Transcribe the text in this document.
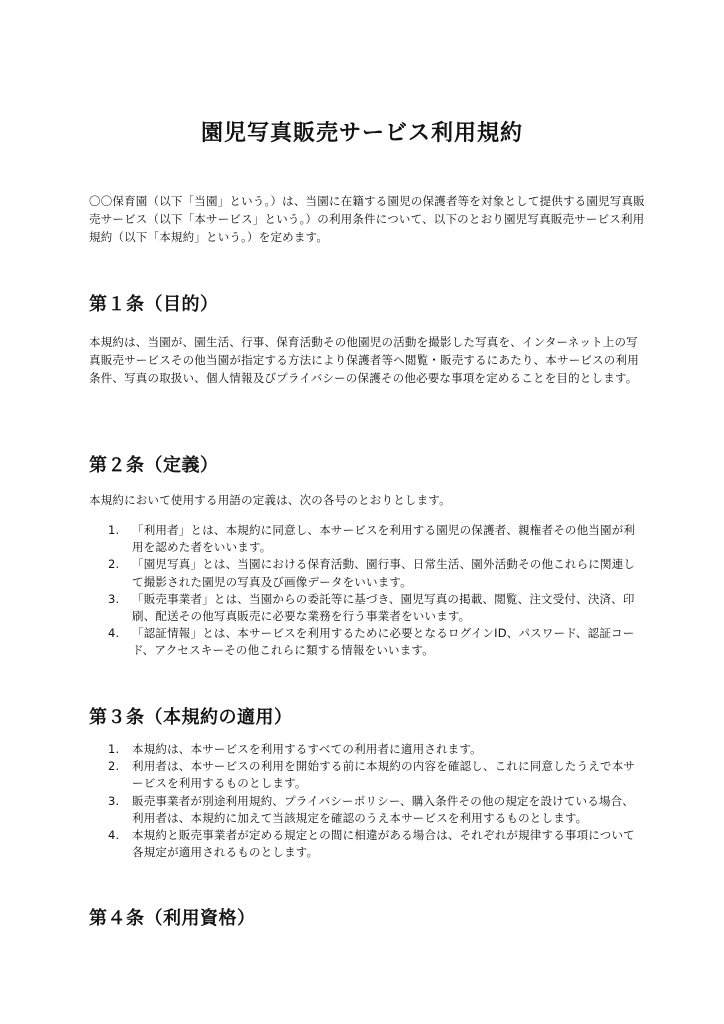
園児写真販売サービス利用規約
〇〇保育園（以下「当園」という。）は、当園に在籍する園児の保護者等を対象として提供する園児写真販売サービス（以下「本サービス」という。）の利用条件について、以下のとおり園児写真販売サービス利用規約（以下「本規約」という。）を定めます。
第１条（目的）
本規約は、当園が、園生活、行事、保育活動その他園児の活動を撮影した写真を、インターネット上の写真販売サービスその他当園が指定する方法により保護者等へ閲覧・販売するにあたり、本サービスの利用条件、写真の取扱い、個人情報及びプライバシーの保護その他必要な事項を定めることを目的とします。
第２条（定義）
本規約において使用する用語の定義は、次の各号のとおりとします。
1.	「利用者」とは、本規約に同意し、本サービスを利用する園児の保護者、親権者その他当園が利用を認めた者をいいます。
2.	「園児写真」とは、当園における保育活動、園行事、日常生活、園外活動その他これらに関連して撮影された園児の写真及び画像データをいいます。
3.	「販売事業者」とは、当園からの委託等に基づき、園児写真の掲載、閲覧、注文受付、決済、印刷、配送その他写真販売に必要な業務を行う事業者をいいます。
4.	「認証情報」とは、本サービスを利用するために必要となるログインID、パスワード、認証コード、アクセスキーその他これらに類する情報をいいます。
第３条（本規約の適用）
1.	本規約は、本サービスを利用するすべての利用者に適用されます。
2.	利用者は、本サービスの利用を開始する前に本規約の内容を確認し、これに同意したうえで本サービスを利用するものとします。
3.	販売事業者が別途利用規約、プライバシーポリシー、購入条件その他の規定を設けている場合、利用者は、本規約に加えて当該規定を確認のうえ本サービスを利用するものとします。
4.	本規約と販売事業者が定める規定との間に相違がある場合は、それぞれが規律する事項について各規定が適用されるものとします。
第４条（利用資格）
